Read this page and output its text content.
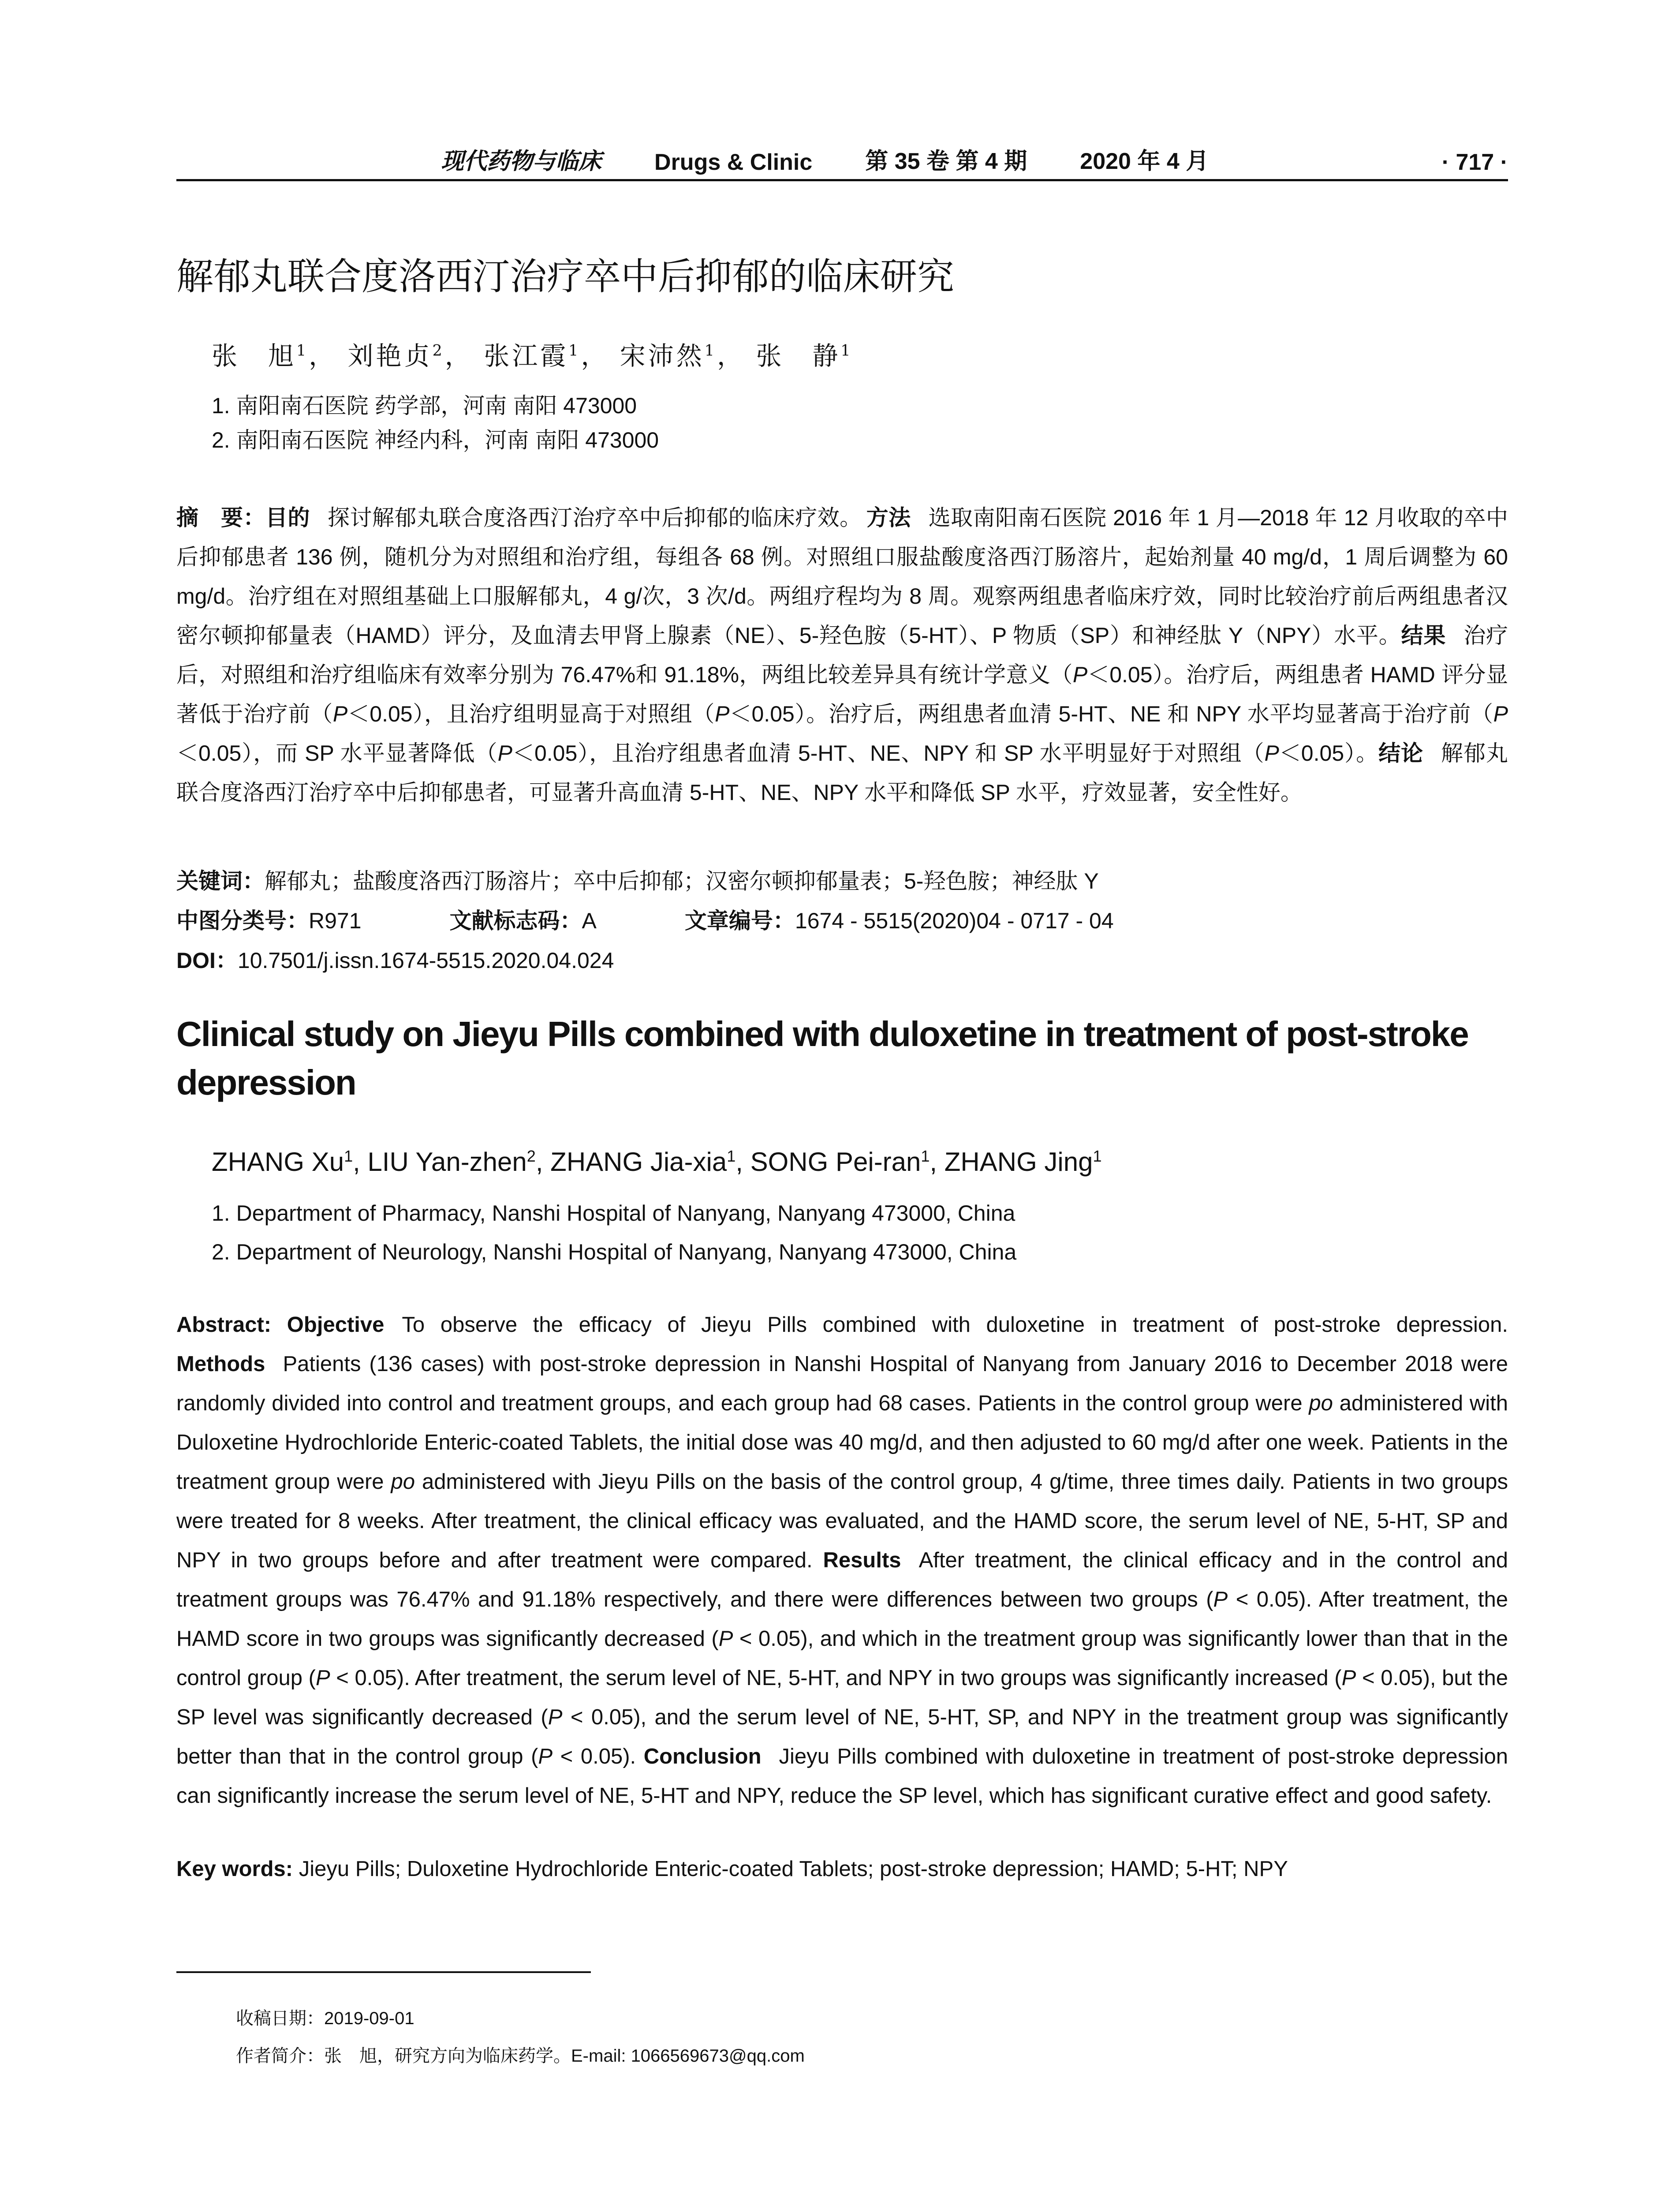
现代药物与临床 Drugs & Clinic 第 35 卷 第 4 期 2020 年 4 月	· 717 ·
解郁丸联合度洛西汀治疗卒中后抑郁的临床研究
张　旭$^1$， 刘艳贞$^2$， 张江霞$^1$， 宋沛然$^1$， 张　静$^1$
1. 南阳南石医院 药学部，河南 南阳 473000
2. 南阳南石医院 神经内科，河南 南阳 473000
摘　要：目的 探讨解郁丸联合度洛西汀治疗卒中后抑郁的临床疗效。 方法 选取南阳南石医院 2016 年 1 月—2018 年 12 月收取的卒中后抑郁患者 136 例，随机分为对照组和治疗组，每组各 68 例。对照组口服盐酸度洛西汀肠溶片，起始剂量 40 mg/d，1 周后调整为 60 mg/d。治疗组在对照组基础上口服解郁丸，4 g/次，3 次/d。两组疗程均为 8 周。观察两组患者临床疗效，同时比较治疗前后两组患者汉密尔顿抑郁量表（HAMD）评分，及血清去甲肾上腺素（NE）、5-羟色胺（5-HT）、P 物质（SP）和神经肽 Y（NPY）水平。结果 治疗后，对照组和治疗组临床有效率分别为 76.47%和 91.18%，两组比较差异具有统计学意义（P＜0.05）。治疗后，两组患者 HAMD 评分显著低于治疗前（P＜0.05），且治疗组明显高于对照组（P＜0.05）。治疗后，两组患者血清 5-HT、NE 和 NPY 水平均显著高于治疗前（P＜0.05），而 SP 水平显著降低（P＜0.05），且治疗组患者血清 5-HT、NE、NPY 和 SP 水平明显好于对照组（P＜0.05）。结论 解郁丸联合度洛西汀治疗卒中后抑郁患者，可显著升高血清 5-HT、NE、NPY 水平和降低 SP 水平，疗效显著，安全性好。
关键词：解郁丸；盐酸度洛西汀肠溶片；卒中后抑郁；汉密尔顿抑郁量表；5-羟色胺；神经肽 Y
中图分类号：R971	文献标志码：A	文章编号：1674 - 5515(2020)04 - 0717 - 04
DOI：10.7501/j.issn.1674-5515.2020.04.024
Clinical study on Jieyu Pills combined with duloxetine in treatment of post-stroke depression
ZHANG Xu$^1$, LIU Yan-zhen$^2$, ZHANG Jia-xia$^1$, SONG Pei-ran$^1$, ZHANG Jing$^1$
1. Department of Pharmacy, Nanshi Hospital of Nanyang, Nanyang 473000, China
2. Department of Neurology, Nanshi Hospital of Nanyang, Nanyang 473000, China
Abstract: Objective To observe the efficacy of Jieyu Pills combined with duloxetine in treatment of post-stroke depression. Methods Patients (136 cases) with post-stroke depression in Nanshi Hospital of Nanyang from January 2016 to December 2018 were randomly divided into control and treatment groups, and each group had 68 cases. Patients in the control group were po administered with Duloxetine Hydrochloride Enteric-coated Tablets, the initial dose was 40 mg/d, and then adjusted to 60 mg/d after one week. Patients in the treatment group were po administered with Jieyu Pills on the basis of the control group, 4 g/time, three times daily. Patients in two groups were treated for 8 weeks. After treatment, the clinical efficacy was evaluated, and the HAMD score, the serum level of NE, 5-HT, SP and NPY in two groups before and after treatment were compared. Results After treatment, the clinical efficacy and in the control and treatment groups was 76.47% and 91.18% respectively, and there were differences between two groups (P < 0.05). After treatment, the HAMD score in two groups was significantly decreased (P < 0.05), and which in the treatment group was significantly lower than that in the control group (P < 0.05). After treatment, the serum level of NE, 5-HT, and NPY in two groups was significantly increased (P < 0.05), but the SP level was significantly decreased (P < 0.05), and the serum level of NE, 5-HT, SP, and NPY in the treatment group was significantly better than that in the control group (P < 0.05). Conclusion Jieyu Pills combined with duloxetine in treatment of post-stroke depression can significantly increase the serum level of NE, 5-HT and NPY, reduce the SP level, which has significant curative effect and good safety.
Key words: Jieyu Pills; Duloxetine Hydrochloride Enteric-coated Tablets; post-stroke depression; HAMD; 5-HT; NPY
收稿日期：2019-09-01
作者简介：张　旭，研究方向为临床药学。E-mail: 1066569673@qq.com
